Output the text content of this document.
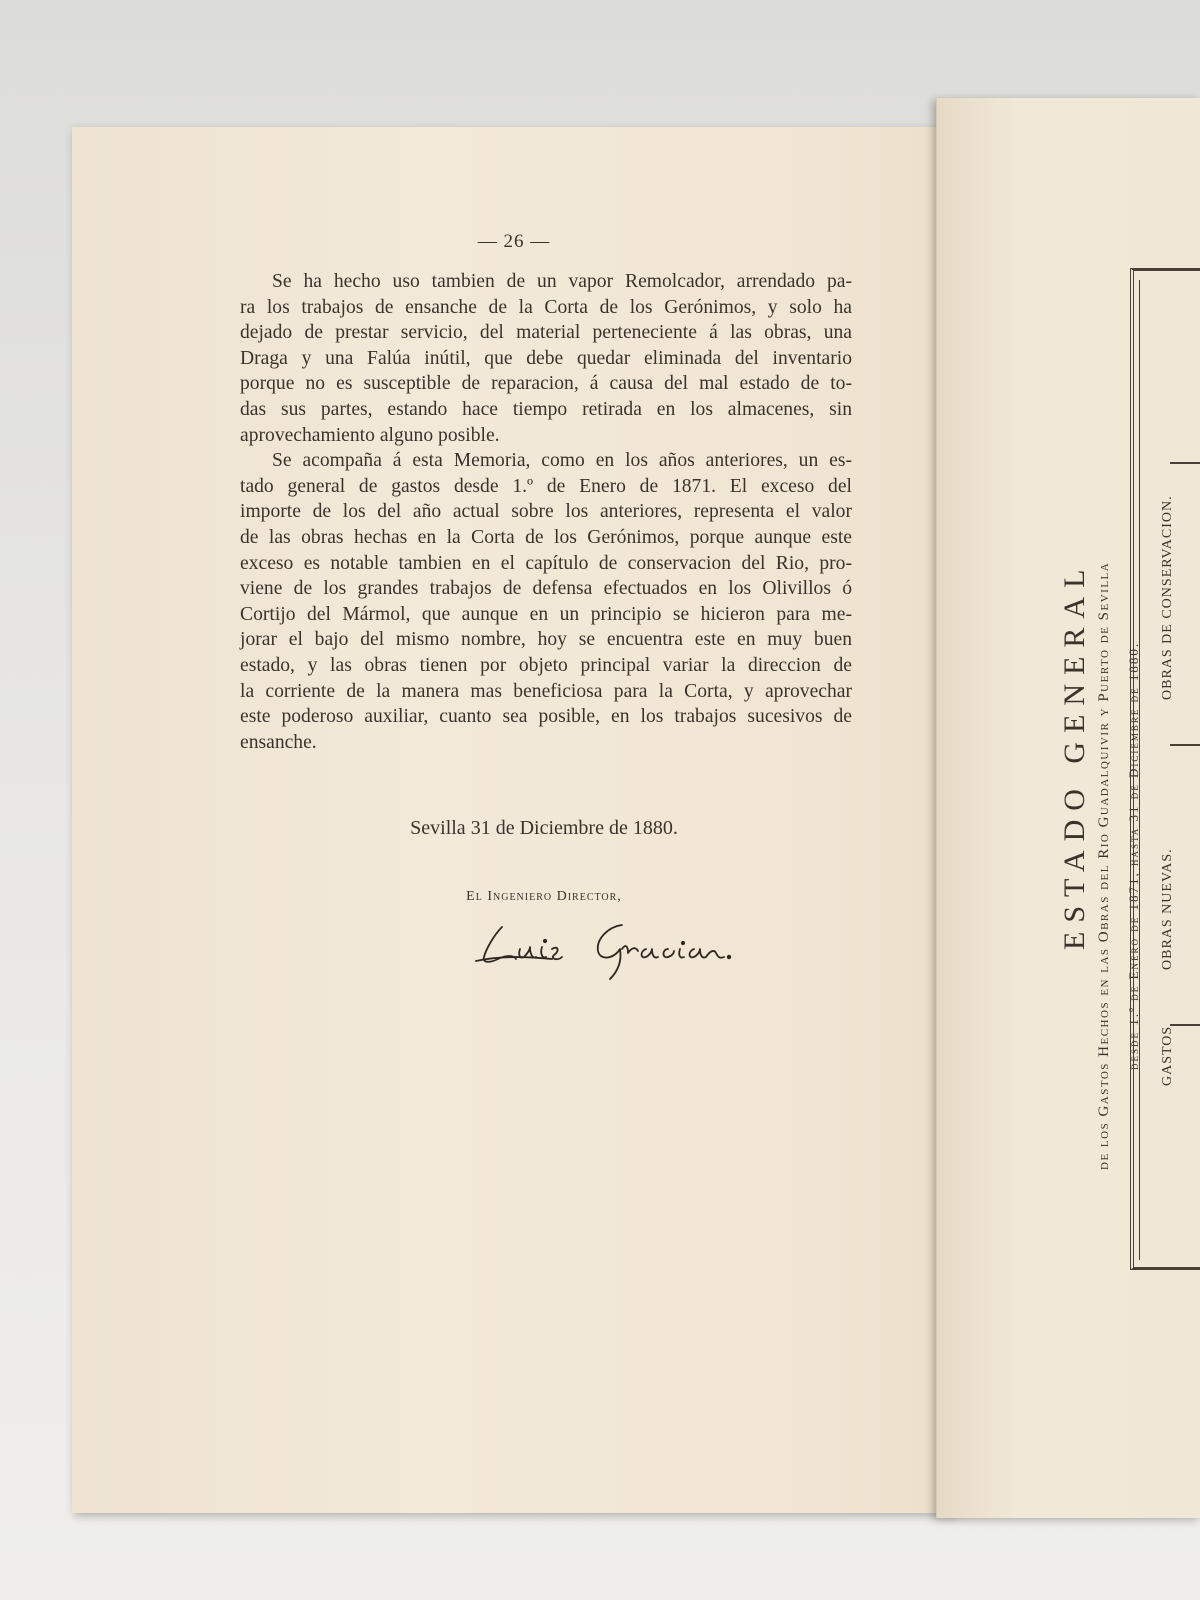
— 26 —

Se ha hecho uso tambien de un vapor Remolcador, arrendado pa-
ra los trabajos de ensanche de la Corta de los Gerónimos, y solo ha
dejado de prestar servicio, del material perteneciente á las obras, una
Draga y una Falúa inútil, que debe quedar eliminada del inventario
porque no es susceptible de reparacion, á causa del mal estado de to-
das sus partes, estando hace tiempo retirada en los almacenes, sin
aprovechamiento alguno posible.

Se acompaña á esta Memoria, como en los años anteriores, un es-
tado general de gastos desde 1.º de Enero de 1871. El exceso del
importe de los del año actual sobre los anteriores, representa el valor
de las obras hechas en la Corta de los Gerónimos, porque aunque este
exceso es notable tambien en el capítulo de conservacion del Rio, pro-
viene de los grandes trabajos de defensa efectuados en los Olivillos ó
Cortijo del Mármol, que aunque en un principio se hicieron para me-
jorar el bajo del mismo nombre, hoy se encuentra este en muy buen
estado, y las obras tienen por objeto principal variar la direccion de
la corriente de la manera mas beneficiosa para la Corta, y aprovechar
este poderoso auxiliar, cuanto sea posible, en los trabajos sucesivos de
ensanche.

Sevilla 31 de Diciembre de 1880.
El Ingeniero Director,
Luis Gracian.	ESTADO GENERAL de los Gastos Hechos en las Obras del Rio Guadalquivir y Puerto de Sevilla desde 1.º de Enero de 1871, hasta 31 de Diciembre de 1880. GASTOS
OBRAS NUEVAS.
OBRAS DE CONSERVACION.
